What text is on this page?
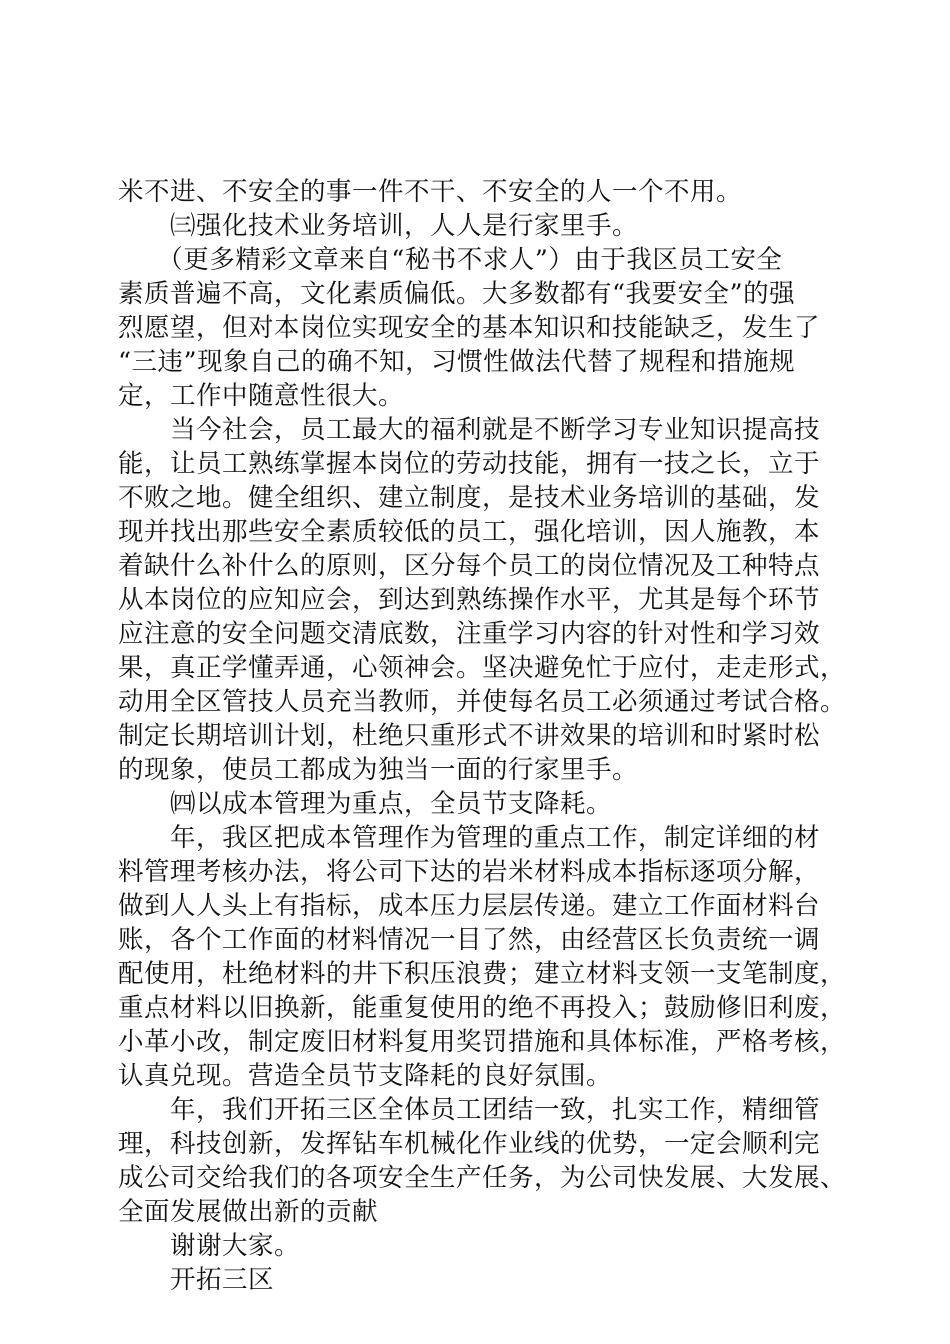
米不进、不安全的事一件不干、不安全的人一个不用。
　　㈢强化技术业务培训，人人是行家里手。
　　（更多精彩文章来自“秘书不求人”）由于我区员工安全
素质普遍不高，文化素质偏低。大多数都有“我要安全”的强
烈愿望，但对本岗位实现安全的基本知识和技能缺乏，发生了
“三违”现象自己的确不知，习惯性做法代替了规程和措施规
定，工作中随意性很大。
　　当今社会，员工最大的福利就是不断学习专业知识提高技
能，让员工熟练掌握本岗位的劳动技能，拥有一技之长，立于
不败之地。健全组织、建立制度，是技术业务培训的基础，发
现并找出那些安全素质较低的员工，强化培训，因人施教，本
着缺什么补什么的原则，区分每个员工的岗位情况及工种特点
从本岗位的应知应会，到达到熟练操作水平，尤其是每个环节
应注意的安全问题交清底数，注重学习内容的针对性和学习效
果，真正学懂弄通，心领神会。坚决避免忙于应付，走走形式，
动用全区管技人员充当教师，并使每名员工必须通过考试合格。
制定长期培训计划，杜绝只重形式不讲效果的培训和时紧时松
的现象，使员工都成为独当一面的行家里手。
　　㈣以成本管理为重点，全员节支降耗。
　　年，我区把成本管理作为管理的重点工作，制定详细的材
料管理考核办法，将公司下达的岩米材料成本指标逐项分解，
做到人人头上有指标，成本压力层层传递。建立工作面材料台
账，各个工作面的材料情况一目了然，由经营区长负责统一调
配使用，杜绝材料的井下积压浪费；建立材料支领一支笔制度，
重点材料以旧换新，能重复使用的绝不再投入；鼓励修旧利废，
小革小改，制定废旧材料复用奖罚措施和具体标准，严格考核，
认真兑现。营造全员节支降耗的良好氛围。
　　年，我们开拓三区全体员工团结一致，扎实工作，精细管
理，科技创新，发挥钻车机械化作业线的优势，一定会顺利完
成公司交给我们的各项安全生产任务，为公司快发展、大发展、
全面发展做出新的贡献
　　谢谢大家。
　　开拓三区
